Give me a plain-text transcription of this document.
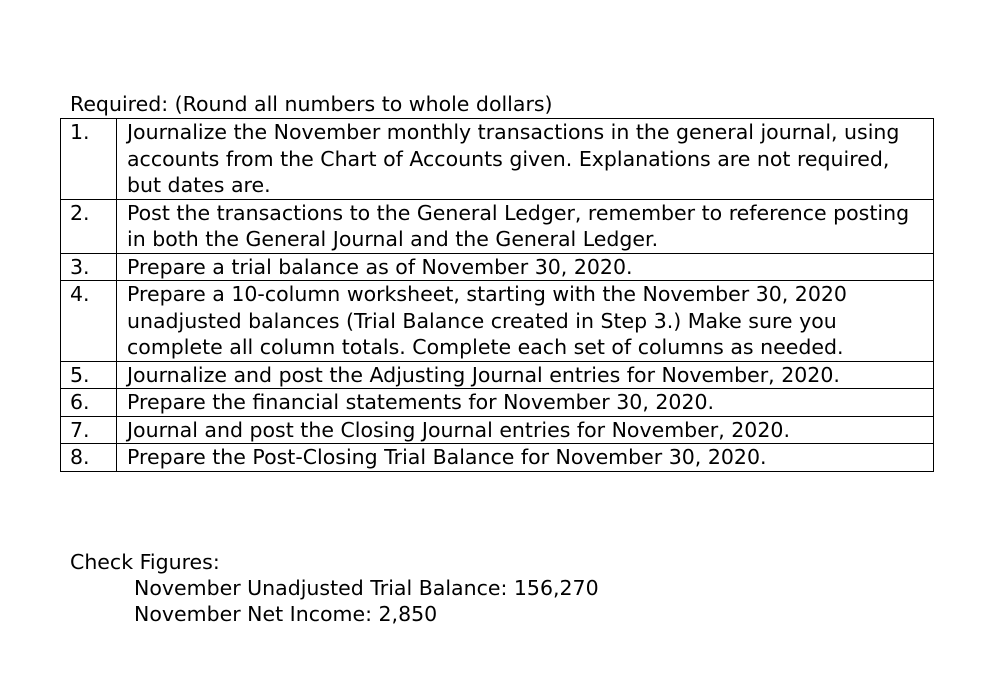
Required: (Round all numbers to whole dollars)
1.	Journalize the November monthly transactions in the general journal, using accounts from the Chart of Accounts given. Explanations are not required, but dates are.
2.	Post the transactions to the General Ledger, remember to reference posting in both the General Journal and the General Ledger.
3.	Prepare a trial balance as of November 30, 2020.
4.	Prepare a 10-column worksheet, starting with the November 30, 2020 unadjusted balances (Trial Balance created in Step 3.) Make sure you complete all column totals. Complete each set of columns as needed.
5.	Journalize and post the Adjusting Journal entries for November, 2020.
6.	Prepare the financial statements for November 30, 2020.
7.	Journal and post the Closing Journal entries for November, 2020.
8.	Prepare the Post-Closing Trial Balance for November 30, 2020.
Check Figures:
November Unadjusted Trial Balance: 156,270
November Net Income: 2,850
